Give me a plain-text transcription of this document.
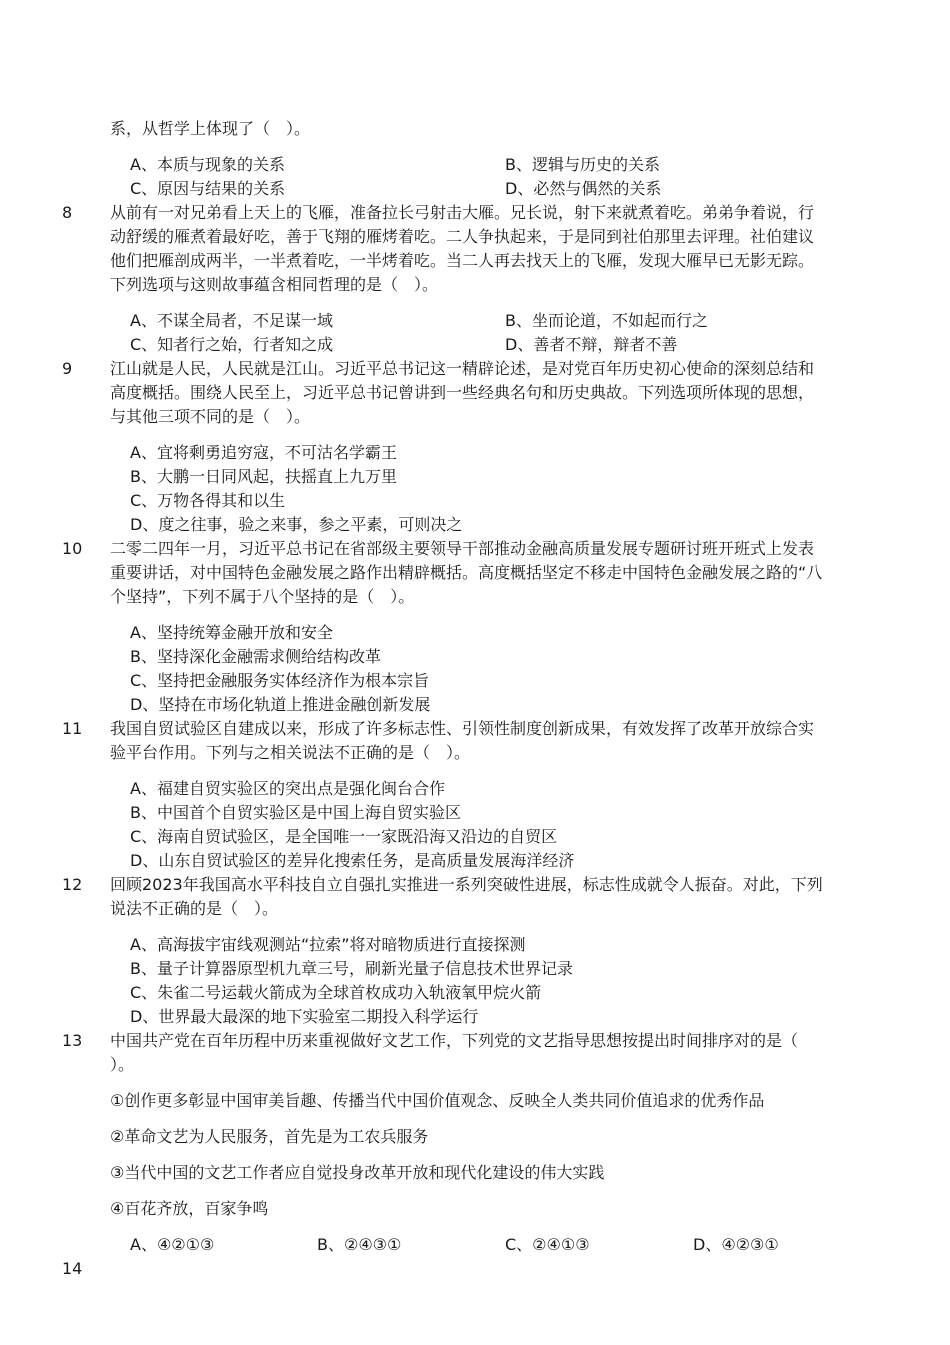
系，从哲学上体现了（　）。
A、本质与现象的关系	B、逻辑与历史的关系
C、原因与结果的关系	D、必然与偶然的关系
8 从前有一对兄弟看上天上的飞雁，准备拉长弓射击大雁。兄长说，射下来就煮着吃。弟弟争着说，行
动舒缓的雁煮着最好吃，善于飞翔的雁烤着吃。二人争执起来，于是同到社伯那里去评理。社伯建议
他们把雁剖成两半，一半煮着吃，一半烤着吃。当二人再去找天上的飞雁，发现大雁早已无影无踪。
下列选项与这则故事蕴含相同哲理的是（　）。
A、不谋全局者，不足谋一域	B、坐而论道，不如起而行之
C、知者行之始，行者知之成	D、善者不辩，辩者不善
9 江山就是人民，人民就是江山。习近平总书记这一精辟论述，是对党百年历史初心使命的深刻总结和
高度概括。围绕人民至上，习近平总书记曾讲到一些经典名句和历史典故。下列选项所体现的思想，
与其他三项不同的是（　）。
A、宜将剩勇追穷寇，不可沽名学霸王
B、大鹏一日同风起，扶摇直上九万里
C、万物各得其和以生
D、度之往事，验之来事，参之平素，可则决之
10 二零二四年一月，习近平总书记在省部级主要领导干部推动金融高质量发展专题研讨班开班式上发表
重要讲话，对中国特色金融发展之路作出精辟概括。高度概括坚定不移走中国特色金融发展之路的“八
个坚持”，下列不属于八个坚持的是（　）。
A、坚持统筹金融开放和安全
B、坚持深化金融需求侧给结构改革
C、坚持把金融服务实体经济作为根本宗旨
D、坚持在市场化轨道上推进金融创新发展
11 我国自贸试验区自建成以来，形成了许多标志性、引领性制度创新成果，有效发挥了改革开放综合实
验平台作用。下列与之相关说法不正确的是（　）。
A、福建自贸实验区的突出点是强化闽台合作
B、中国首个自贸实验区是中国上海自贸实验区
C、海南自贸试验区，是全国唯一一家既沿海又沿边的自贸区
D、山东自贸试验区的差异化搜索任务，是高质量发展海洋经济
12 回顾2023年我国高水平科技自立自强扎实推进一系列突破性进展，标志性成就令人振奋。对此，下列
说法不正确的是（　）。
A、高海拔宇宙线观测站“拉索”将对暗物质进行直接探测
B、量子计算器原型机九章三号，刷新光量子信息技术世界记录
C、朱雀二号运载火箭成为全球首枚成功入轨液氧甲烷火箭
D、世界最大最深的地下实验室二期投入科学运行
13 中国共产党在百年历程中历来重视做好文艺工作，下列党的文艺指导思想按提出时间排序对的是（
）。
①创作更多彰显中国审美旨趣、传播当代中国价值观念、反映全人类共同价值追求的优秀作品
②革命文艺为人民服务，首先是为工农兵服务
③当代中国的文艺工作者应自觉投身改革开放和现代化建设的伟大实践
④百花齐放，百家争鸣
A、④②①③	B、②④③①	C、②④①③	D、④②③①
14
